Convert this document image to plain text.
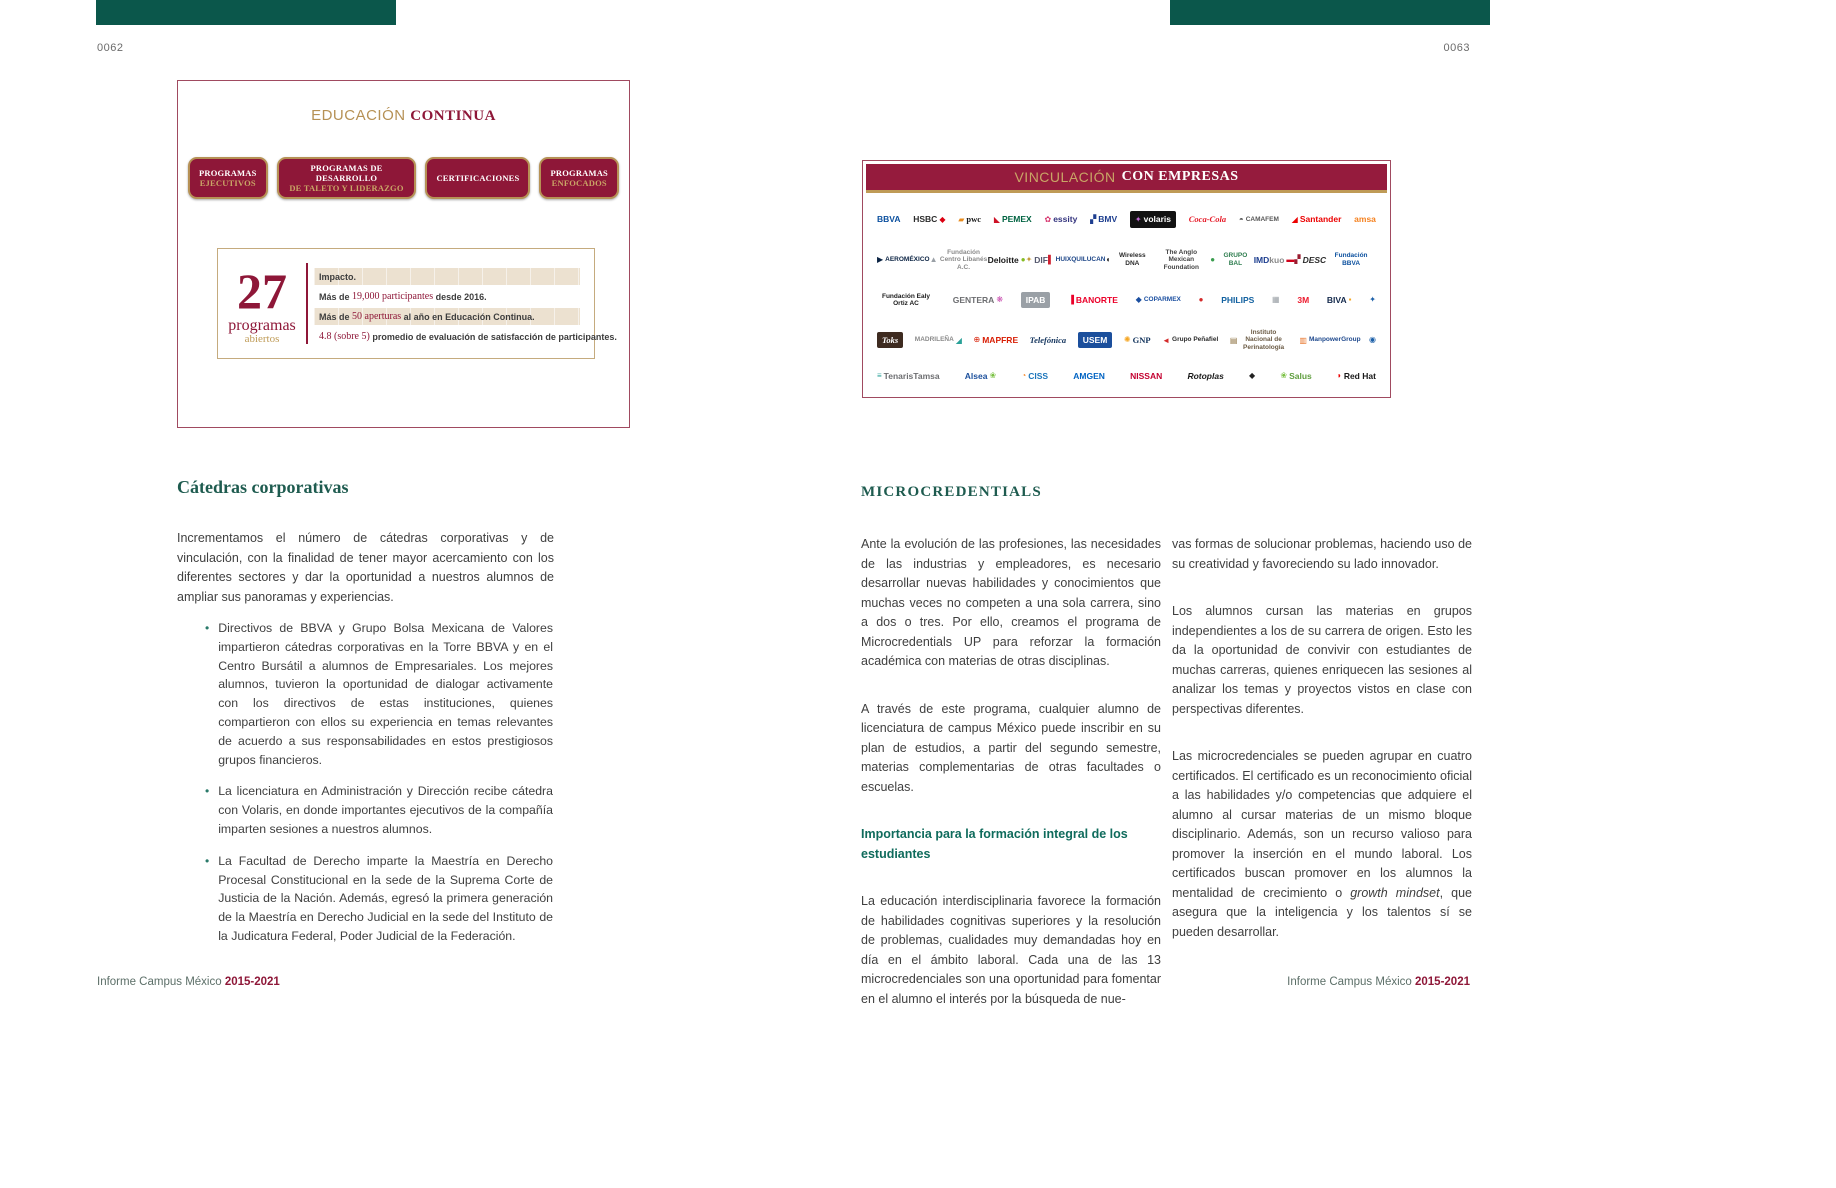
0062	0063
EDUCACIÓN CONTINUA
PROGRAMAS
EJECUTIVOS
PROGRAMAS DE DESARROLLO
DE TALETO Y LIDERAZGO
CERTIFICACIONES	PROGRAMAS
ENFOCADOS
27
programas
abiertos
Impacto.
Más de 19,000 participantes desde 2016.
Más de 50 aperturas al año en Educación Continua.
4.8 (sobre 5) promedio de evaluación de satisfacción de participantes.
Cátedras corporativas
Incrementamos el número de cátedras corporativas y de vinculación, con la finalidad de tener mayor acercamiento con los diferentes sectores y dar la oportunidad a nuestros alumnos de ampliar sus panoramas y experiencias.
• Directivos de BBVA y Grupo Bolsa Mexicana de Valores impartieron cátedras corporativas en la Torre BBVA y en el Centro Bursátil a alumnos de Empresariales. Los mejores alumnos, tuvieron la oportunidad de dialogar activamente con los directivos de estas instituciones, quienes compartieron con ellos su experiencia en temas relevantes de acuerdo a sus responsabilidades en estos prestigiosos grupos financieros.
• La licenciatura en Administración y Dirección recibe cátedra con Volaris, en donde importantes ejecutivos de la compañía imparten sesiones a nuestros alumnos.
• La Facultad de Derecho imparte la Maestría en Derecho Procesal Constitucional en la sede de la Suprema Corte de Justicia de la Nación. Además, egresó la primera generación de la Maestría en Derecho Judicial en la sede del Instituto de la Judicatura Federal, Poder Judicial de la Federación.
Informe Campus México 2015-2021
VINCULACIÓN CON EMPRESAS
BBVA HSBC ◆ ▰ pwc ◣ PEMEX ✿ essity ▞ BMV ✦ volaris Coca-Cola ◓ CAMAFEM ◢ Santander amsa
▶ AEROMÉXICO ▲
Fundación Centro Libanés A.C.
Deloitte ● ✦ DIF ▌ HUIXQUILUCAN ◖	Wireless DNA
The Anglo Mexican Foundation
●	GRUPO BAL	IMD kuo ▬ ▞ DESC	Fundación BBVA
Fundación Ealy Ortiz AC	GENTERA ❋	IPAB	▐ BANORTE ◆ COPARMEX ● PHILIPS ▦ 3M BIVA ▪ ✦
Toks	MADRILEÑA ◢ ⊕ MAPFRE Telefónica USEM ✺ GNP ◄ Grupo Peñafiel ▤
Instituto Nacional de Perinatología
▥ ManpowerGroup ◉
≡ TenarisTamsa	Alsea ❀	◔ CISS	AMGEN	NISSAN	Rotoplas	◆	❀ Salus	◗ Red Hat
MICROCREDENTIALS

Ante la evolución de las profesiones, las necesidades de las industrias y empleadores, es necesario desarrollar nuevas habilidades y conocimientos que muchas veces no competen a una sola carrera, sino a dos o tres. Por ello, creamos el programa de Microcredentials UP para reforzar la formación académica con materias de otras disciplinas.

A través de este programa, cualquier alumno de licenciatura de campus México puede inscribir en su plan de estudios, a partir del segundo semestre, materias complementarias de otras facultades o escuelas.

Importancia para la formación integral de los estudiantes

La educación interdisciplinaria favorece la formación de habilidades cognitivas superiores y la resolución de problemas, cualidades muy demandadas hoy en día en el ámbito laboral. Cada una de las 13 microcredenciales son una oportunidad para fomentar en el alumno el interés por la búsqueda de nue-

vas formas de solucionar problemas, haciendo uso de su creatividad y favoreciendo su lado innovador.

Los alumnos cursan las materias en grupos independientes a los de su carrera de origen. Esto les da la oportunidad de convivir con estudiantes de muchas carreras, quienes enriquecen las sesiones al analizar los temas y proyectos vistos en clase con perspectivas diferentes.

Las microcredenciales se pueden agrupar en cuatro certificados. El certificado es un reconocimiento oficial a las habilidades y/o competencias que adquiere el alumno al cursar materias de un mismo bloque disciplinario. Además, son un recurso valioso para promover la inserción en el mundo laboral. Los certificados buscan promover en los alumnos la mentalidad de crecimiento o growth mindset, que asegura que la inteligencia y los talentos sí se pueden desarrollar.

Informe Campus México 2015-2021
